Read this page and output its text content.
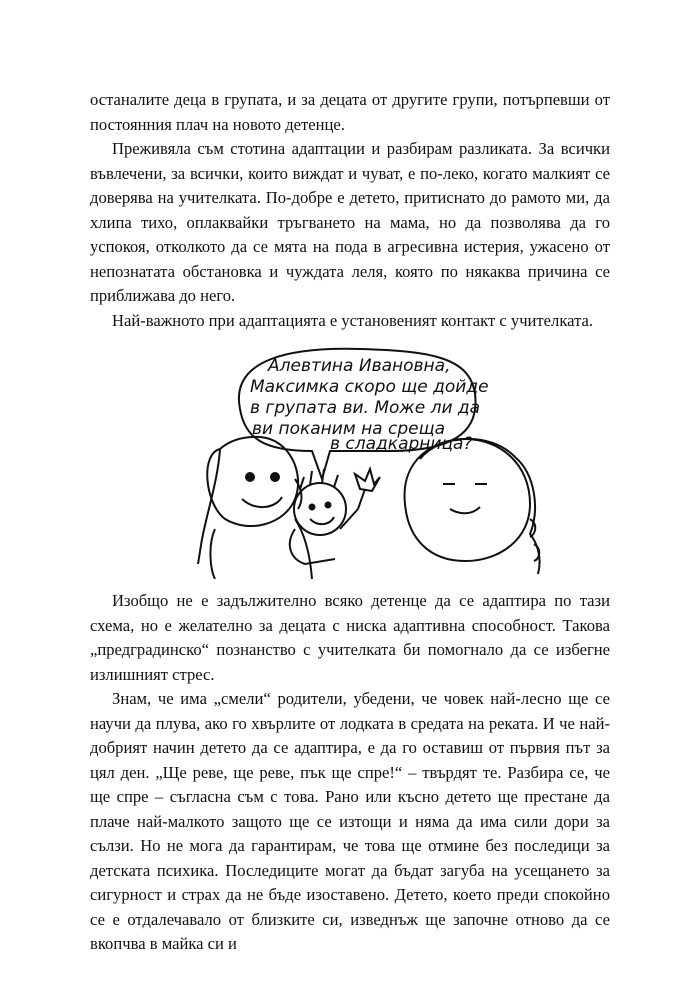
останалите деца в групата, и за децата от другите групи, потърпевши от постоянния плач на новото детенце.

Преживяла съм стотина адаптации и разбирам разликата. За всички въвлечени, за всички, които виждат и чуват, е по-леко, когато малкият се доверява на учителката. По-добре е детето, притиснато до рамото ми, да хлипа тихо, оплаквайки тръгването на мама, но да позволява да го успокоя, отколкото да се мята на пода в агресивна истерия, ужасено от непознатата обстановка и чуждата леля, която по някаква причина се приближава до него.

Най-важното при адаптацията е установеният контакт с учителката.

Алевтина Ивановна,
Максимка скоро ще дойде
в групата ви. Може ли да
ви поканим на среща
в сладкарница?

Изобщо не е задължително всяко детенце да се адаптира по тази схема, но е желателно за децата с ниска адаптивна способност. Такова „предградинско“ познанство с учителката би помогнало да се избегне излишният стрес.

Знам, че има „смели“ родители, убедени, че човек най-лесно ще се научи да плува, ако го хвърлите от лодката в средата на реката. И че най-добрият начин детето да се адаптира, е да го оставиш от първия път за цял ден. „Ще реве, ще реве, пък ще спре!“ – твърдят те. Разбира се, че ще спре – съгласна съм с това. Рано или късно детето ще престане да плаче най-малкото защото ще се изтощи и няма да има сили дори за сълзи. Но не мога да гарантирам, че това ще отмине без последици за детската психика. Последиците могат да бъдат загуба на усещането за сигурност и страх да не бъде изоставено. Детето, което преди спокойно се е отдалечавало от близките си, изведнъж ще започне отново да се вкопчва в майка си и
